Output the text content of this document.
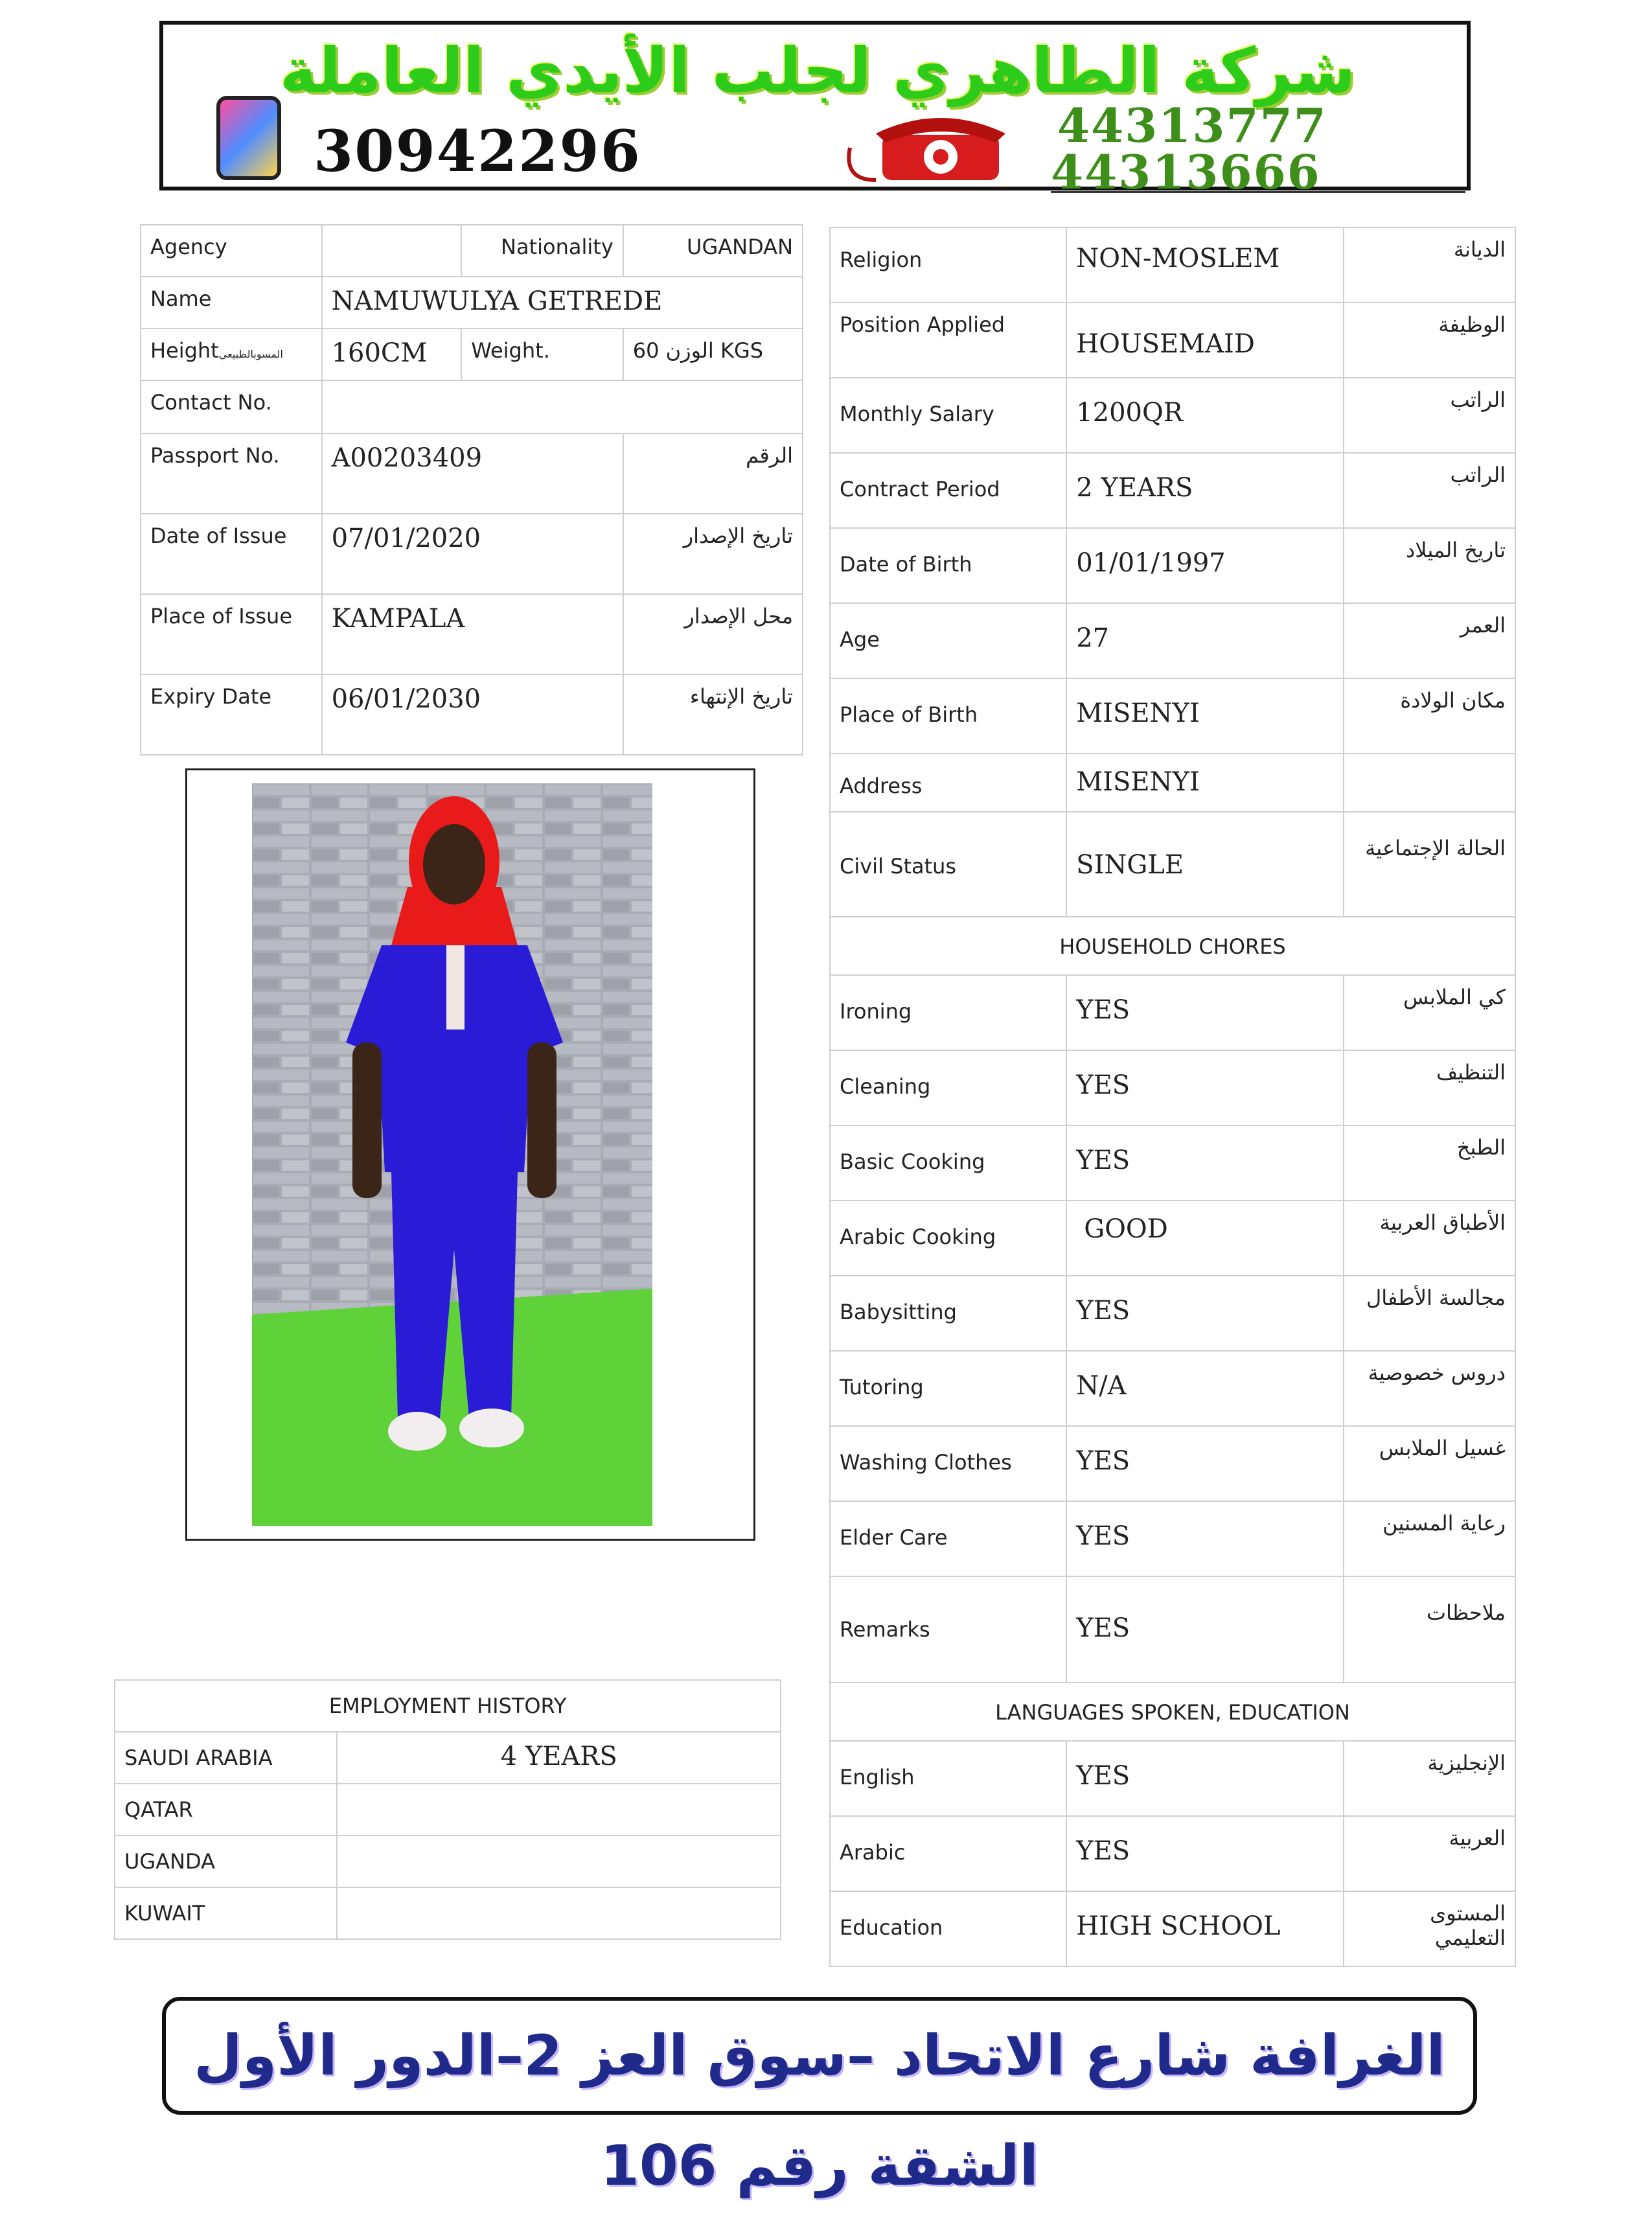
شركة الطاهري لجلب الأيدي العاملة
30942296	44313777
44313666
Agency		Nationality	UGANDAN
Name	NAMUWULYA GETREDE		
Heightالمسوبالطبيعي	160CM	Weight.	60 الوزن KGS
Contact No.			
Passport No.	A00203409		الرقم
Date of Issue	07/01/2020		تاريخ الإصدار
Place of Issue	KAMPALA		محل الإصدار
Expiry Date	06/01/2030		تاريخ الإنتهاء
Religion	NON-MOSLEM	الديانة
Position Applied	HOUSEMAID	الوظيفة
Monthly Salary	1200QR	الراتب
Contract Period	2 YEARS	الراتب
Date of Birth	01/01/1997	تاريخ الميلاد
Age	27	العمر
Place of Birth	MISENYI	مكان الولادة
Address	MISENYI	
Civil Status	SINGLE	الحالة الإجتماعية
HOUSEHOLD CHORES		
Ironing	YES	كي الملابس
Cleaning	YES	التنظيف
Basic Cooking	YES	الطبخ
Arabic Cooking	GOOD	الأطباق العربية
Babysitting	YES	مجالسة الأطفال
Tutoring	N/A	دروس خصوصية
Washing Clothes	YES	غسيل الملابس
Elder Care	YES	رعاية المسنين
Remarks	YES	ملاحظات
LANGUAGES SPOKEN, EDUCATION		
English	YES	الإنجليزية
Arabic	YES	العربية
Education	HIGH SCHOOL	المستوى التعليمي
EMPLOYMENT HISTORY	
SAUDI ARABIA	4 YEARS
QATAR	
UGANDA	
KUWAIT	
الغرافة شارع الاتحاد –سوق العز 2–الدور الأول الشقة رقم 106
